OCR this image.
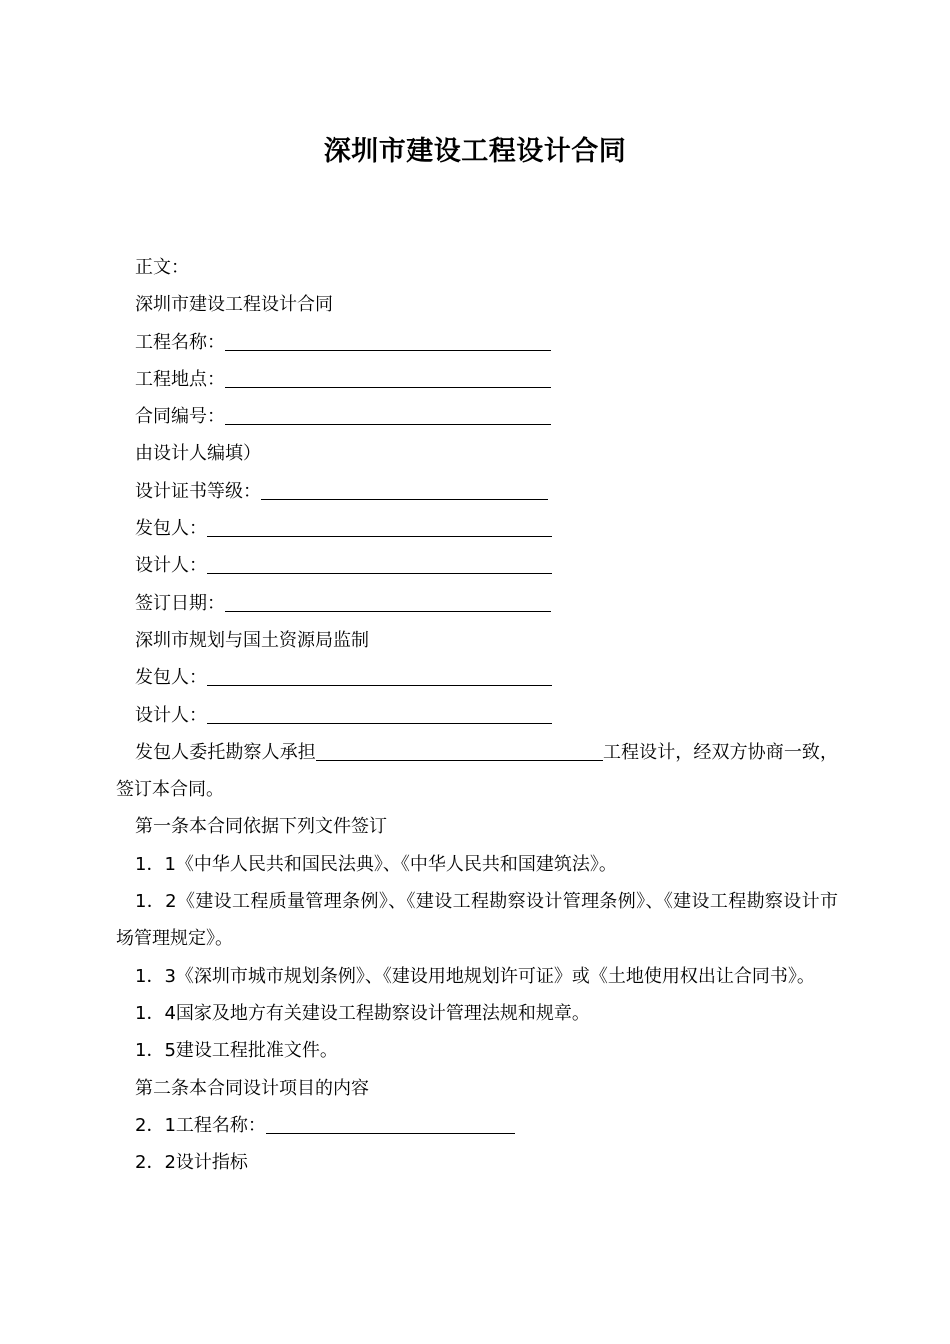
深圳市建设工程设计合同
正文：
深圳市建设工程设计合同
工程名称：
工程地点：
合同编号：
由设计人编填）
设计证书等级：
发包人：
设计人：
签订日期：
深圳市规划与国土资源局监制
发包人：
设计人：
发包人委托勘察人承担	工程设计，经双方协商一致，签订本合同。
第一条本合同依据下列文件签订
1．1《中华人民共和国民法典》、《中华人民共和国建筑法》。
1．2《建设工程质量管理条例》、《建设工程勘察设计管理条例》、《建设工程勘察设计市场管理规定》。
1．3《深圳市城市规划条例》、《建设用地规划许可证》或《土地使用权出让合同书》。
1．4国家及地方有关建设工程勘察设计管理法规和规章。
1．5建设工程批准文件。
第二条本合同设计项目的内容
2．1工程名称：
2．2设计指标
